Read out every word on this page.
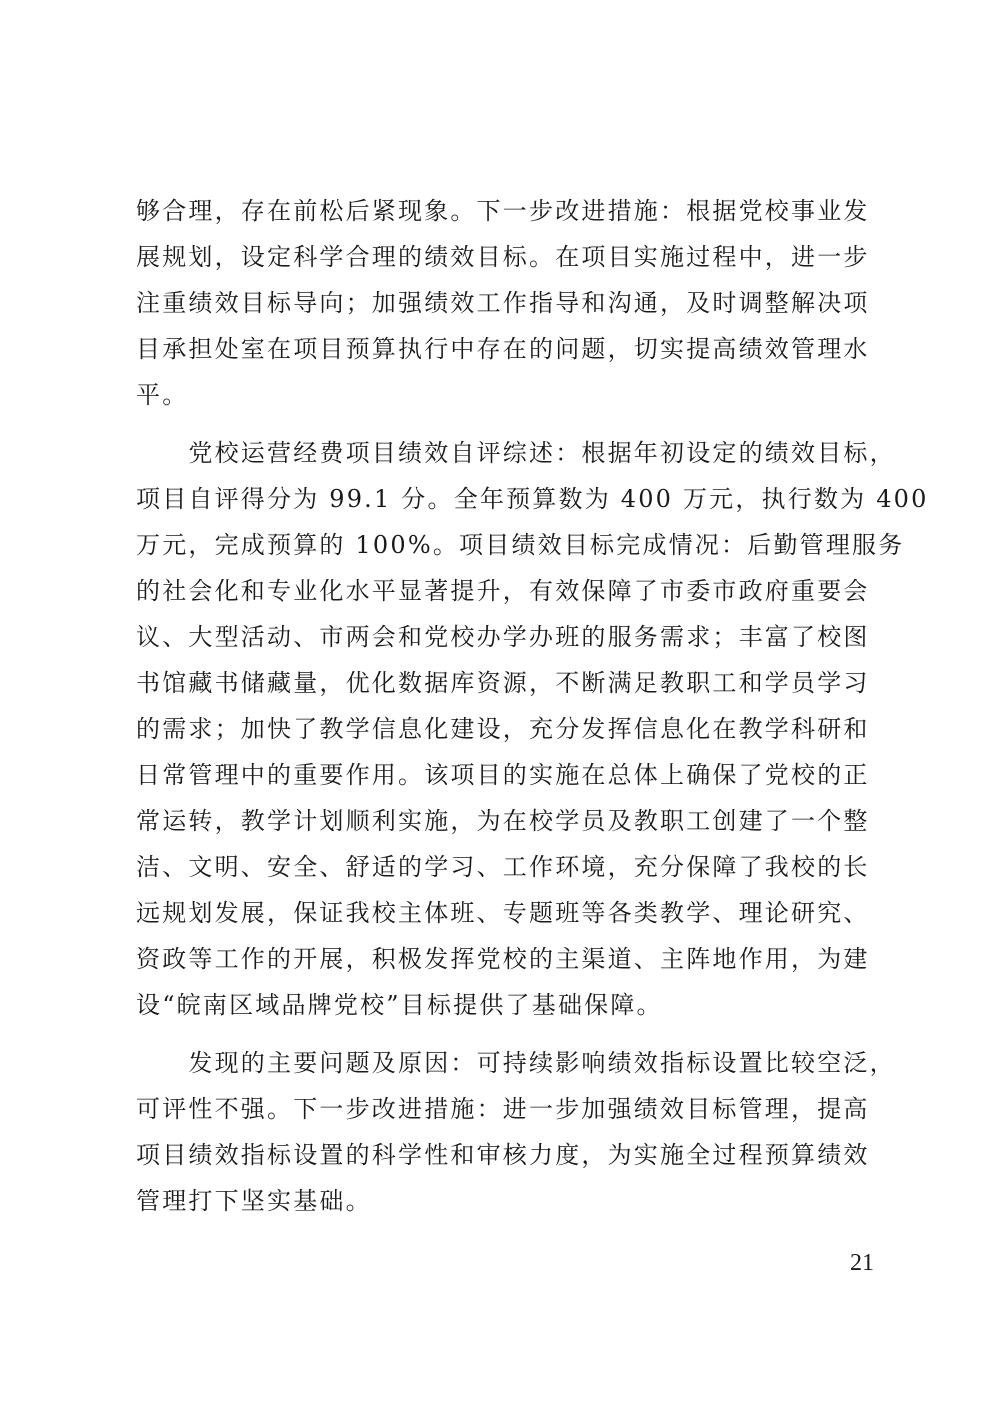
够合理，存在前松后紧现象。下一步改进措施：根据党校事业发
展规划，设定科学合理的绩效目标。在项目实施过程中，进一步
注重绩效目标导向；加强绩效工作指导和沟通，及时调整解决项
目承担处室在项目预算执行中存在的问题，切实提高绩效管理水
平。
　　党校运营经费项目绩效自评综述：根据年初设定的绩效目标，
项目自评得分为 99.1 分。全年预算数为 400 万元，执行数为 400
万元，完成预算的 100%。项目绩效目标完成情况：后勤管理服务
的社会化和专业化水平显著提升，有效保障了市委市政府重要会
议、大型活动、市两会和党校办学办班的服务需求；丰富了校图
书馆藏书储藏量，优化数据库资源，不断满足教职工和学员学习
的需求；加快了教学信息化建设，充分发挥信息化在教学科研和
日常管理中的重要作用。该项目的实施在总体上确保了党校的正
常运转，教学计划顺利实施，为在校学员及教职工创建了一个整
洁、文明、安全、舒适的学习、工作环境，充分保障了我校的长
远规划发展，保证我校主体班、专题班等各类教学、理论研究、
资政等工作的开展，积极发挥党校的主渠道、主阵地作用，为建
设“皖南区域品牌党校”目标提供了基础保障。
　　发现的主要问题及原因：可持续影响绩效指标设置比较空泛，
可评性不强。下一步改进措施：进一步加强绩效目标管理，提高
项目绩效指标设置的科学性和审核力度，为实施全过程预算绩效
管理打下坚实基础。
21
